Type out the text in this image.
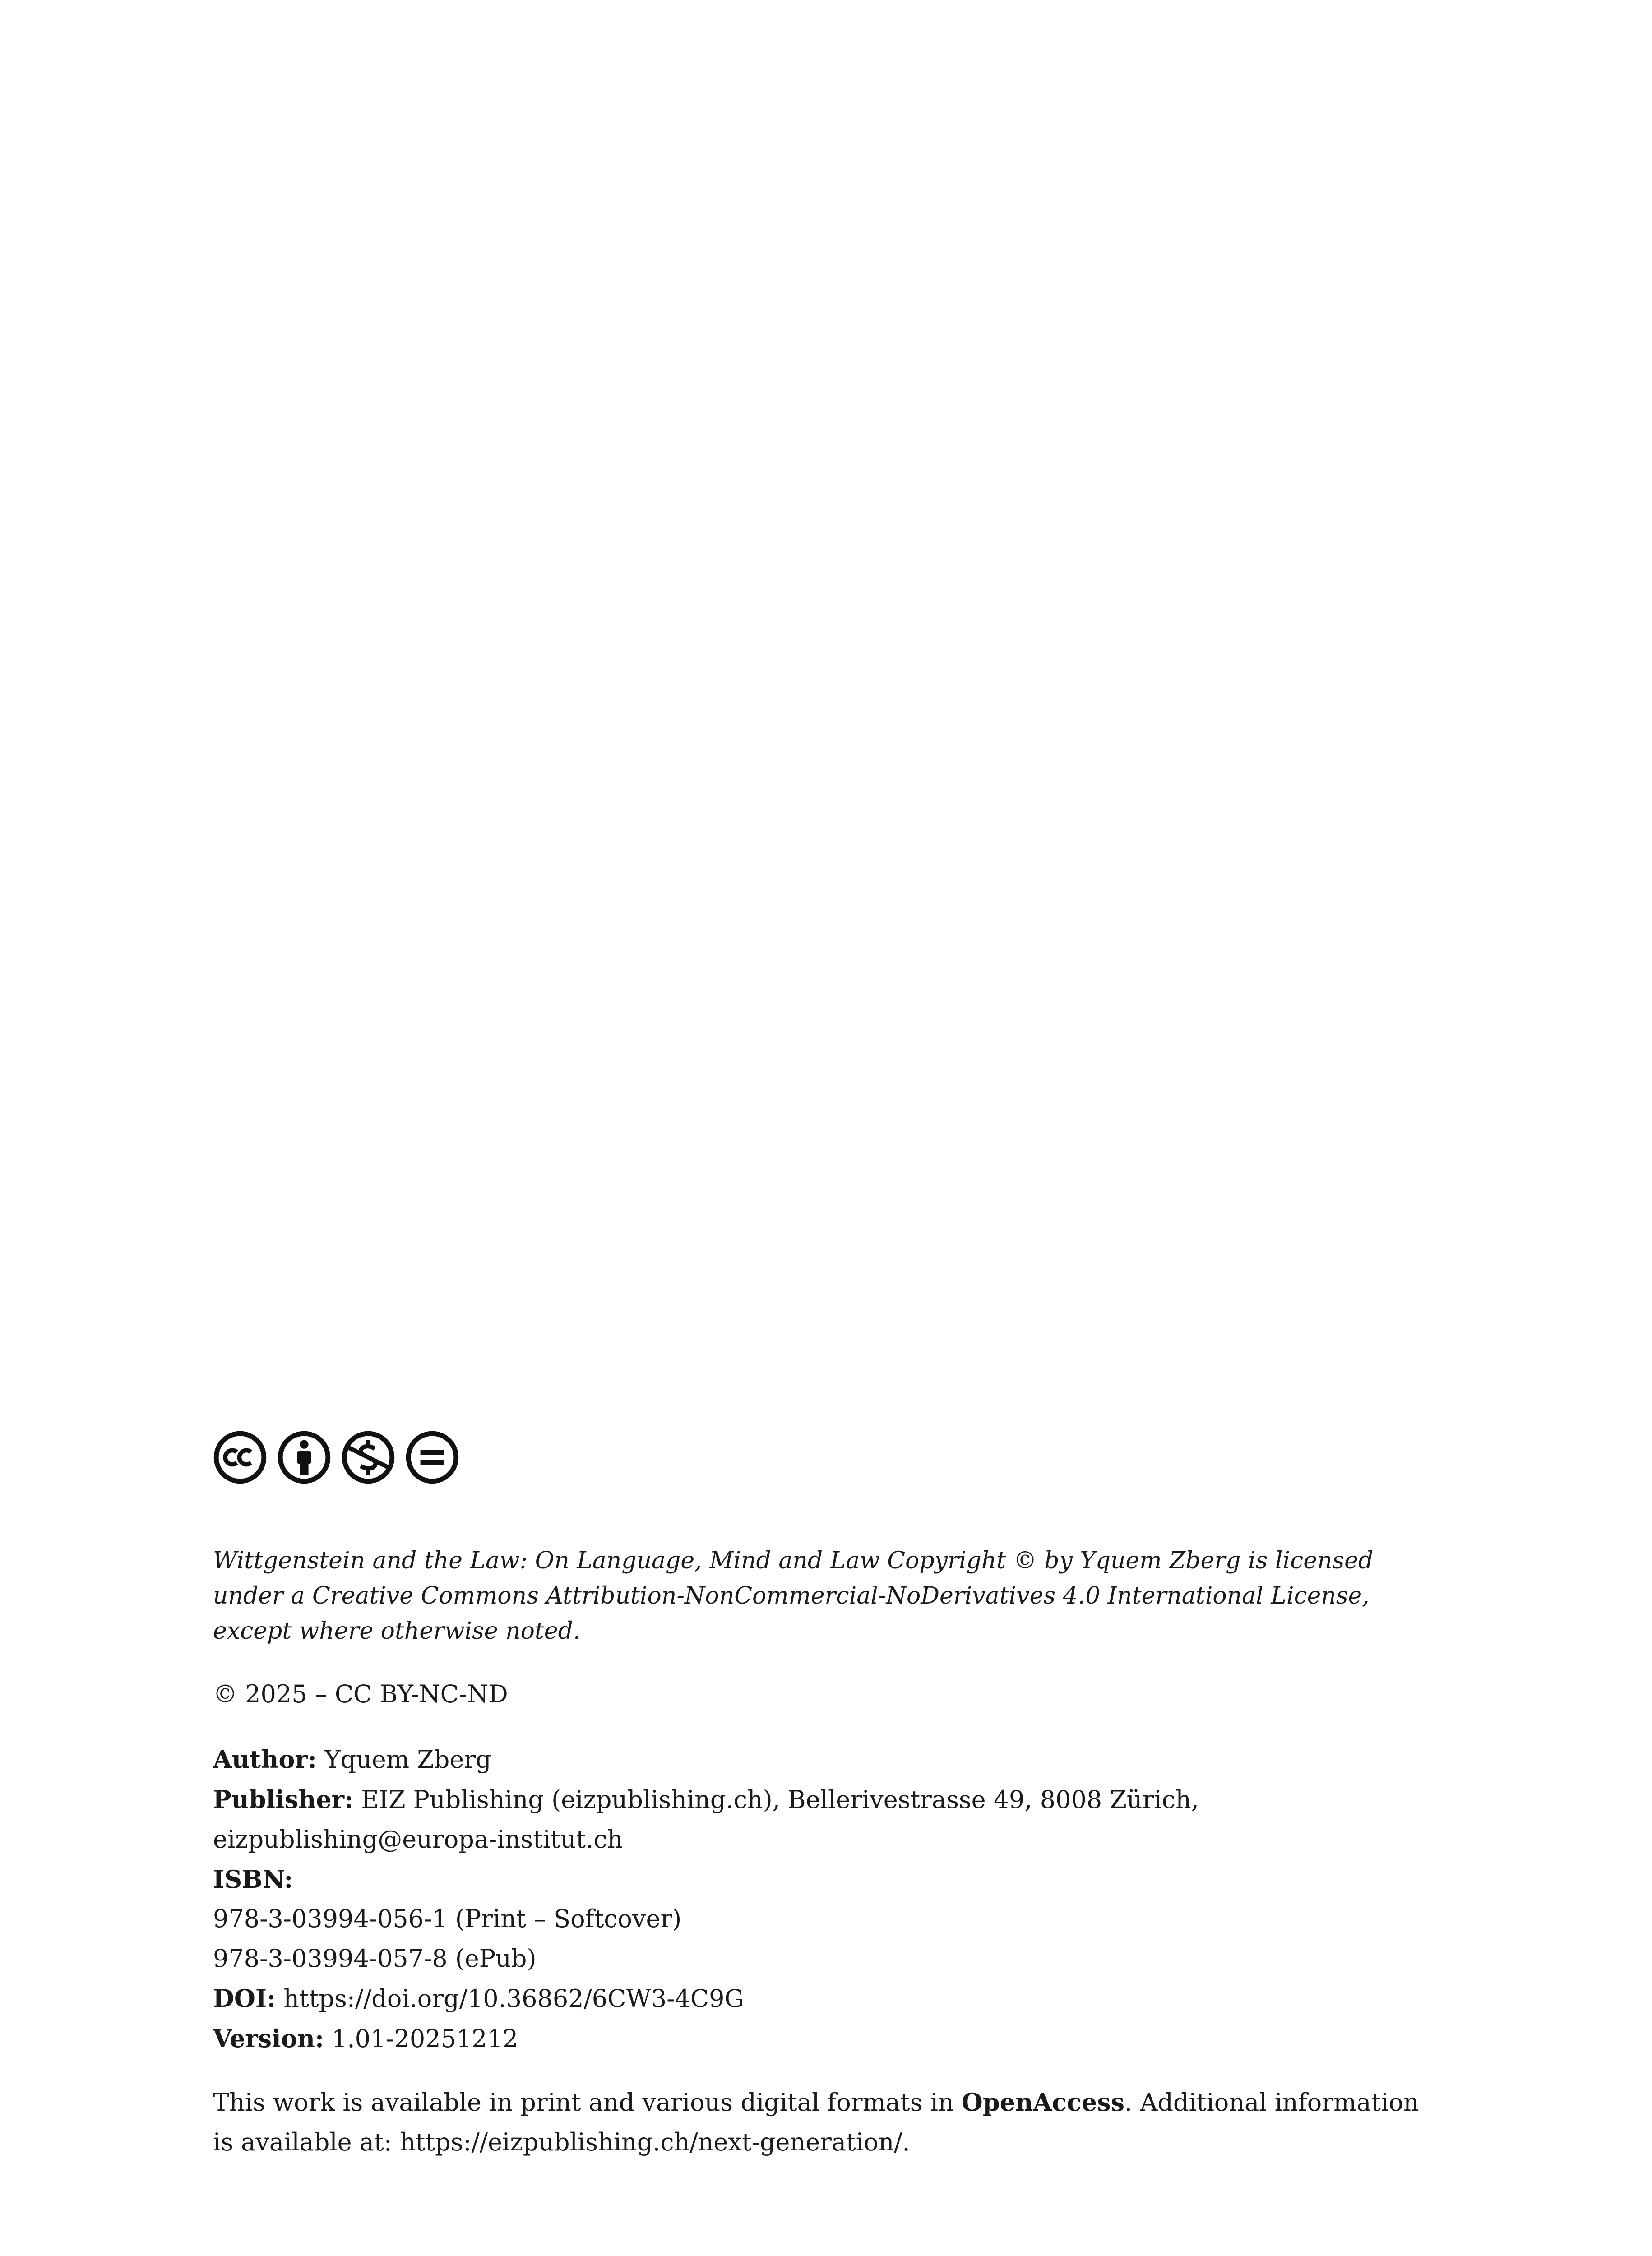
Wittgenstein and the Law: On Language, Mind and Law Copyright © by Yquem Zberg is licensed under a Creative Commons Attribution-NonCommercial-NoDerivatives 4.0 International License, except where otherwise noted.
© 2025 – CC BY-NC-ND
Author: Yquem Zberg
Publisher: EIZ Publishing (eizpublishing.ch), Bellerivestrasse 49, 8008 Zürich,
eizpublishing@europa-institut.ch
ISBN:
978-3-03994-056-1 (Print – Softcover)
978-3-03994-057-8 (ePub)
DOI: https://doi.org/10.36862/6CW3-4C9G
Version: 1.01-20251212
This work is available in print and various digital formats in OpenAccess. Additional information is available at: https://eizpublishing.ch/next-generation/.
